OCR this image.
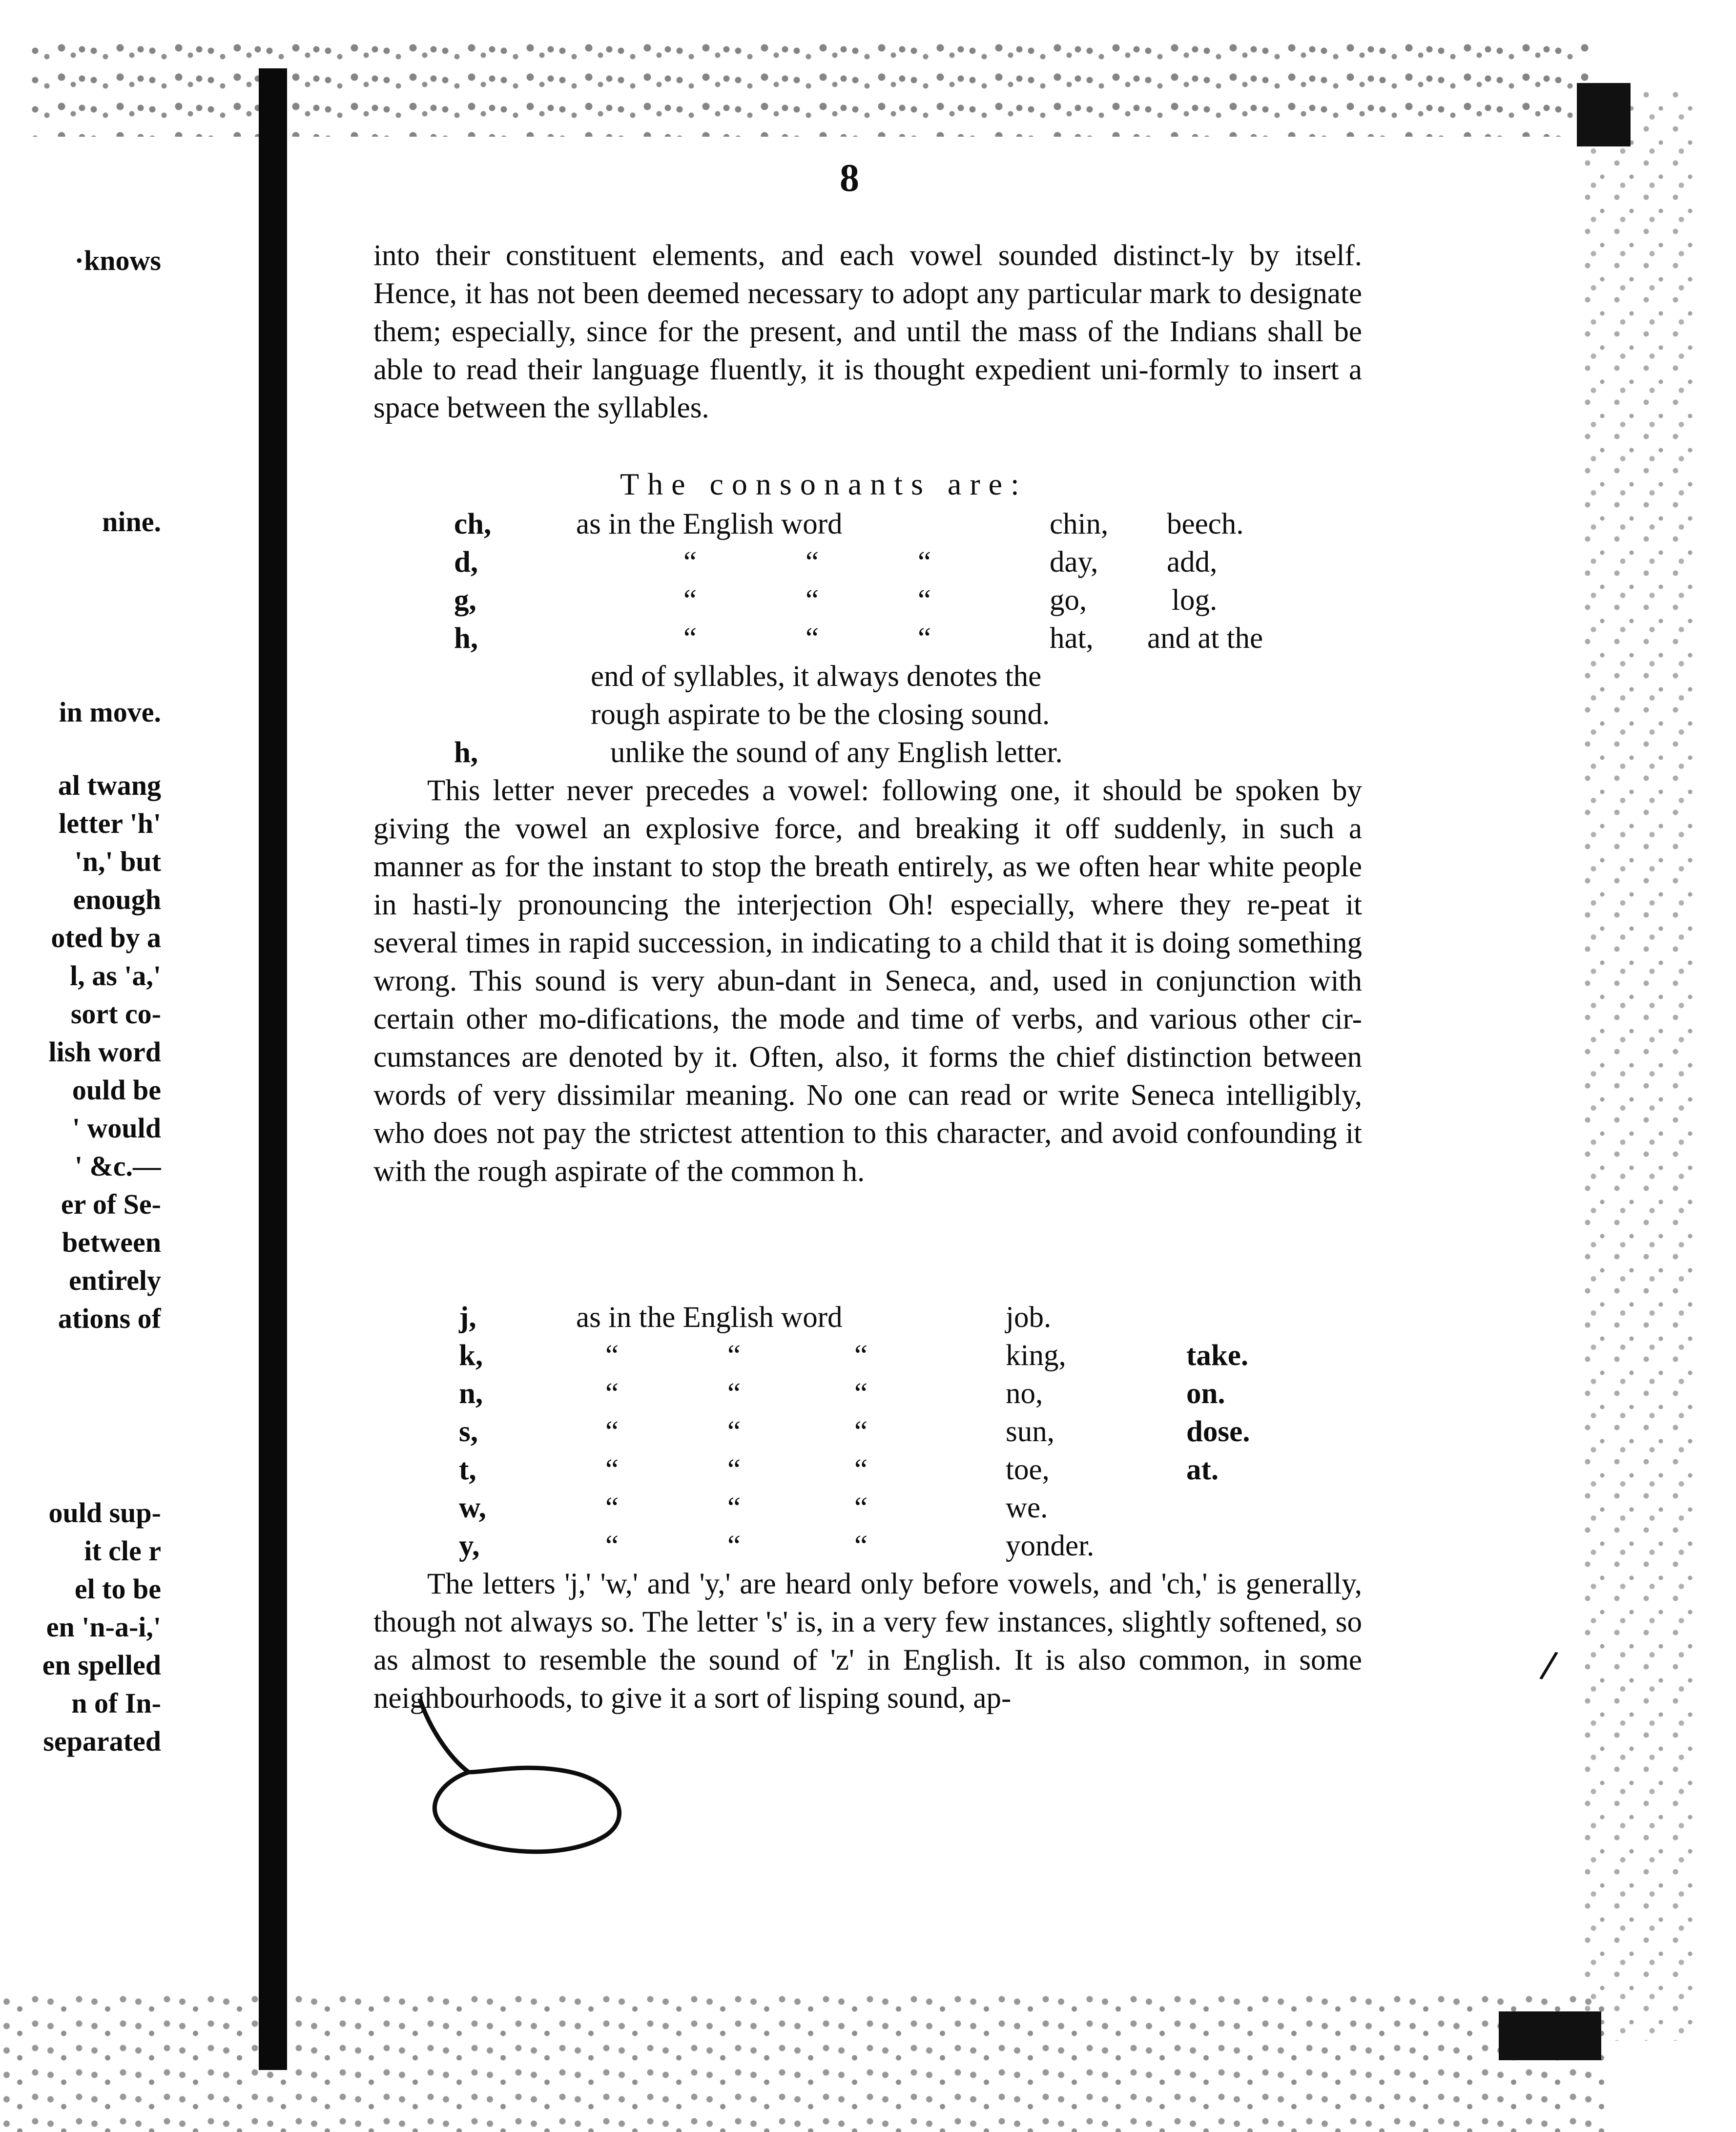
·knows
nine.
in move.
al twang
letter 'h'
'n,' but
enough
oted by a
l, as 'a,'
sort co-
lish word
ould be
' would
' &c.—
er of Se-
between
entirely
ations of
ould sup-
it cle r
el to be
en 'n-a-i,'
en spelled
n of In-
separated
8

into their constituent elements, and each vowel sounded distinct-ly by itself. Hence, it has not been deemed necessary to adopt any particular mark to designate them; especially, since for the present, and until the mass of the Indians shall be able to read their language fluently, it is thought expedient uni-formly to insert a space between the syllables.

The consonants are:
ch,	as in the English word	chin, beech.
d,	“	“	“	day, add,
g,	“	“	“	go,	log.
h,	“	“	“	hat, and at the
end of syllables, it always denotes the
rough aspirate to be the closing sound.
h,	unlike the sound of any English letter.

This letter never precedes a vowel: following one, it should be spoken by giving the vowel an explosive force, and breaking it off suddenly, in such a manner as for the instant to stop the breath entirely, as we often hear white people in hasti-ly pronouncing the interjection Oh! especially, where they re-peat it several times in rapid succession, in indicating to a child that it is doing something wrong. This sound is very abun-dant in Seneca, and, used in conjunction with certain other mo-difications, the mode and time of verbs, and various other cir-cumstances are denoted by it. Often, also, it forms the chief distinction between words of very dissimilar meaning. No one can read or write Seneca intelligibly, who does not pay the strictest attention to this character, and avoid confounding it with the rough aspirate of the common h.

j,	as in the English word	job.
k,	“	“	“	king,	take.
n,	“	“	“	no,	on.
s,	“	“	“	sun,	dose.
t,	“	“	“	toe,	at.
w,	“	“	“	we.
y,	“	“	“	yonder.

The letters 'j,' 'w,' and 'y,' are heard only before vowels, and 'ch,' is generally, though not always so. The letter 's' is, in a very few instances, slightly softened, so as almost to resemble the sound of 'z' in English. It is also common, in some neighbourhoods, to give it a sort of lisping sound, ap-

/
